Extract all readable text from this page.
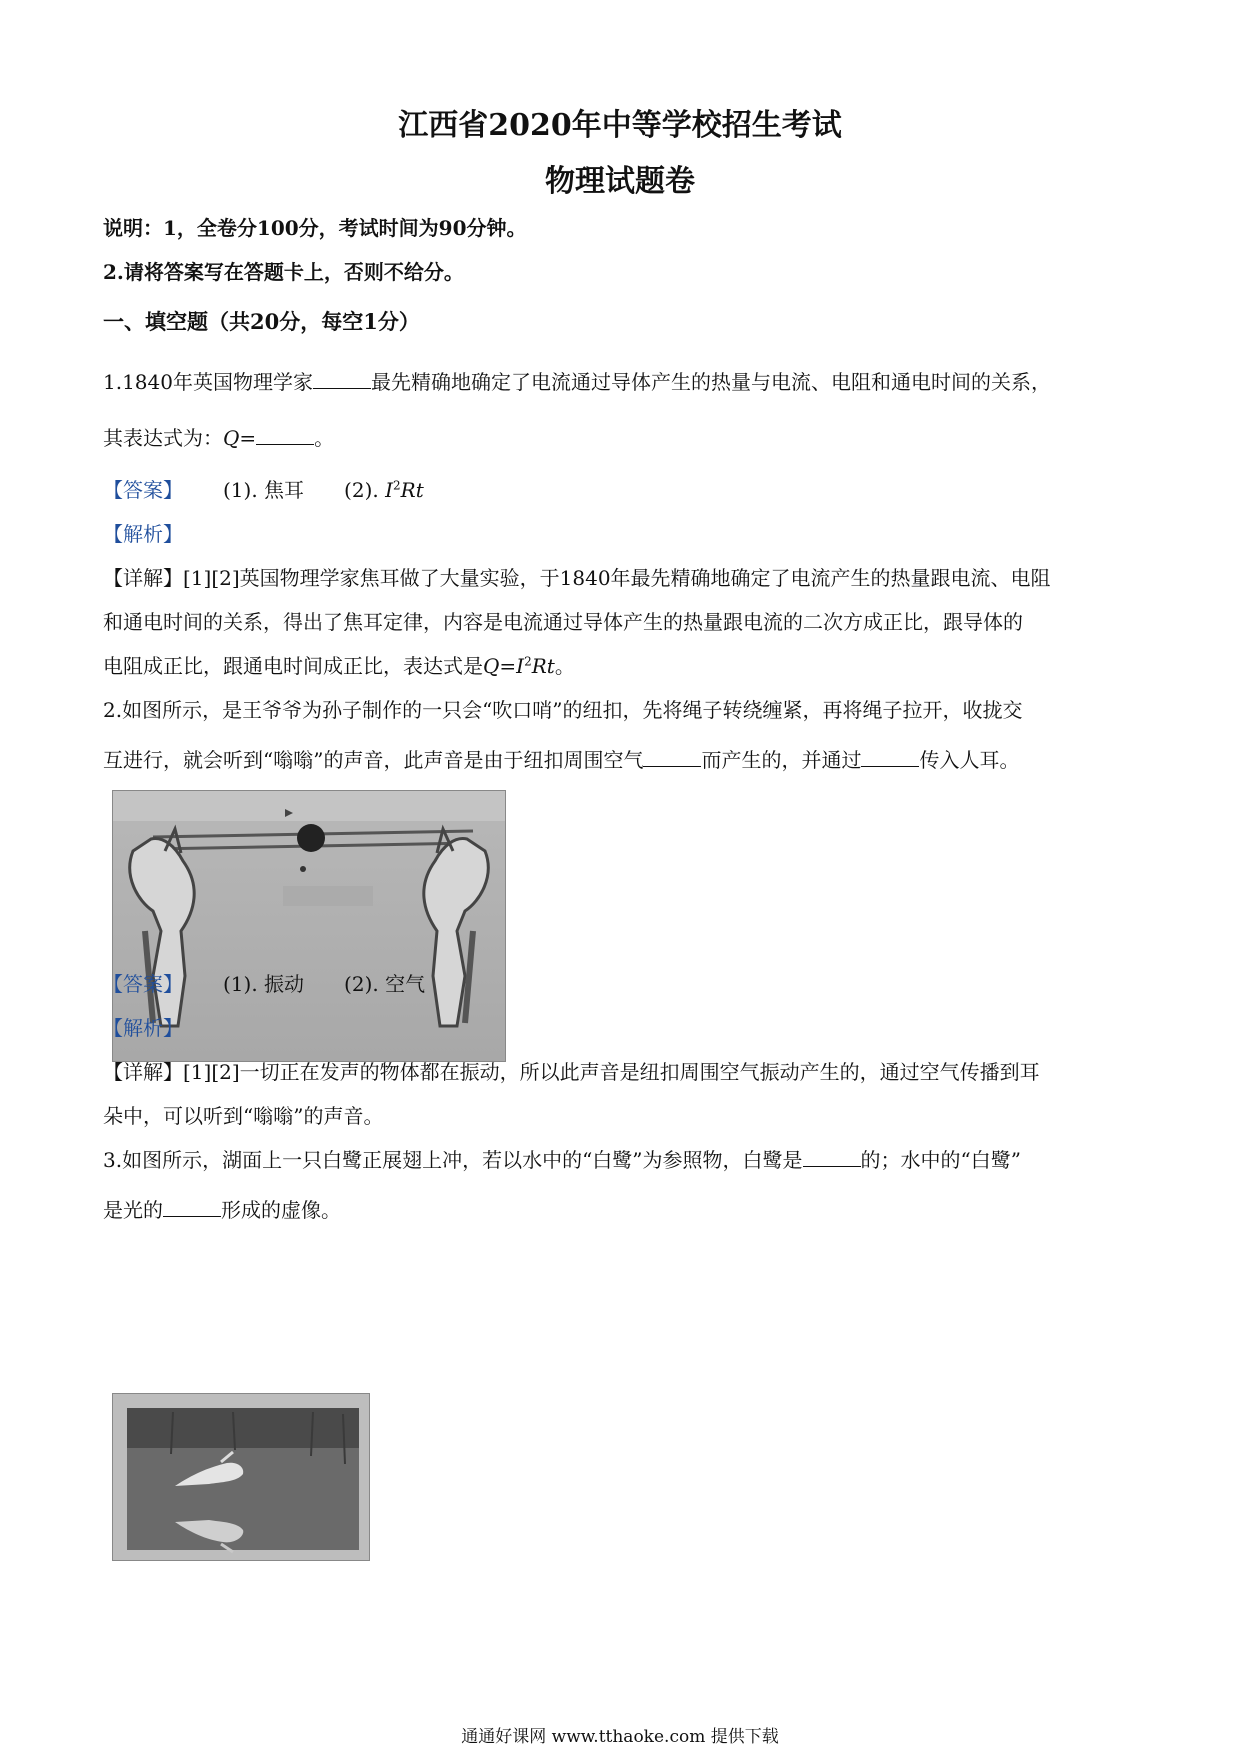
江西省2020年中等学校招生考试
物理试题卷
说明：1，全卷分100分，考试时间为90分钟。
2.请将答案写在答题卡上，否则不给分。
一、填空题（共20分，每空1分）
1.1840年英国物理学家	最先精确地确定了电流通过导体产生的热量与电流、电阻和通电时间的关系，
其表达式为：Q=	。
【答案】 (1). 焦耳 (2). $I^2Rt$
【解析】
【详解】[1][2]英国物理学家焦耳做了大量实验，于1840年最先精确地确定了电流产生的热量跟电流、电阻
和通电时间的关系，得出了焦耳定律，内容是电流通过导体产生的热量跟电流的二次方成正比，跟导体的
电阻成正比，跟通电时间成正比，表达式是$Q=I^2Rt$。
2.如图所示，是王爷爷为孙子制作的一只会“吹口哨”的纽扣，先将绳子转绕缠紧，再将绳子拉开，收拢交
互进行，就会听到“嗡嗡”的声音，此声音是由于纽扣周围空气	而产生的，并通过	传入人耳。
【答案】 (1). 振动 (2). 空气
【解析】
【详解】[1][2]一切正在发声的物体都在振动，所以此声音是纽扣周围空气振动产生的，通过空气传播到耳
朵中，可以听到“嗡嗡”的声音。
3.如图所示，湖面上一只白鹭正展翅上冲，若以水中的“白鹭”为参照物，白鹭是	的；水中的“白鹭”
是光的	形成的虚像。
通通好课网 www.tthaoke.com 提供下载
